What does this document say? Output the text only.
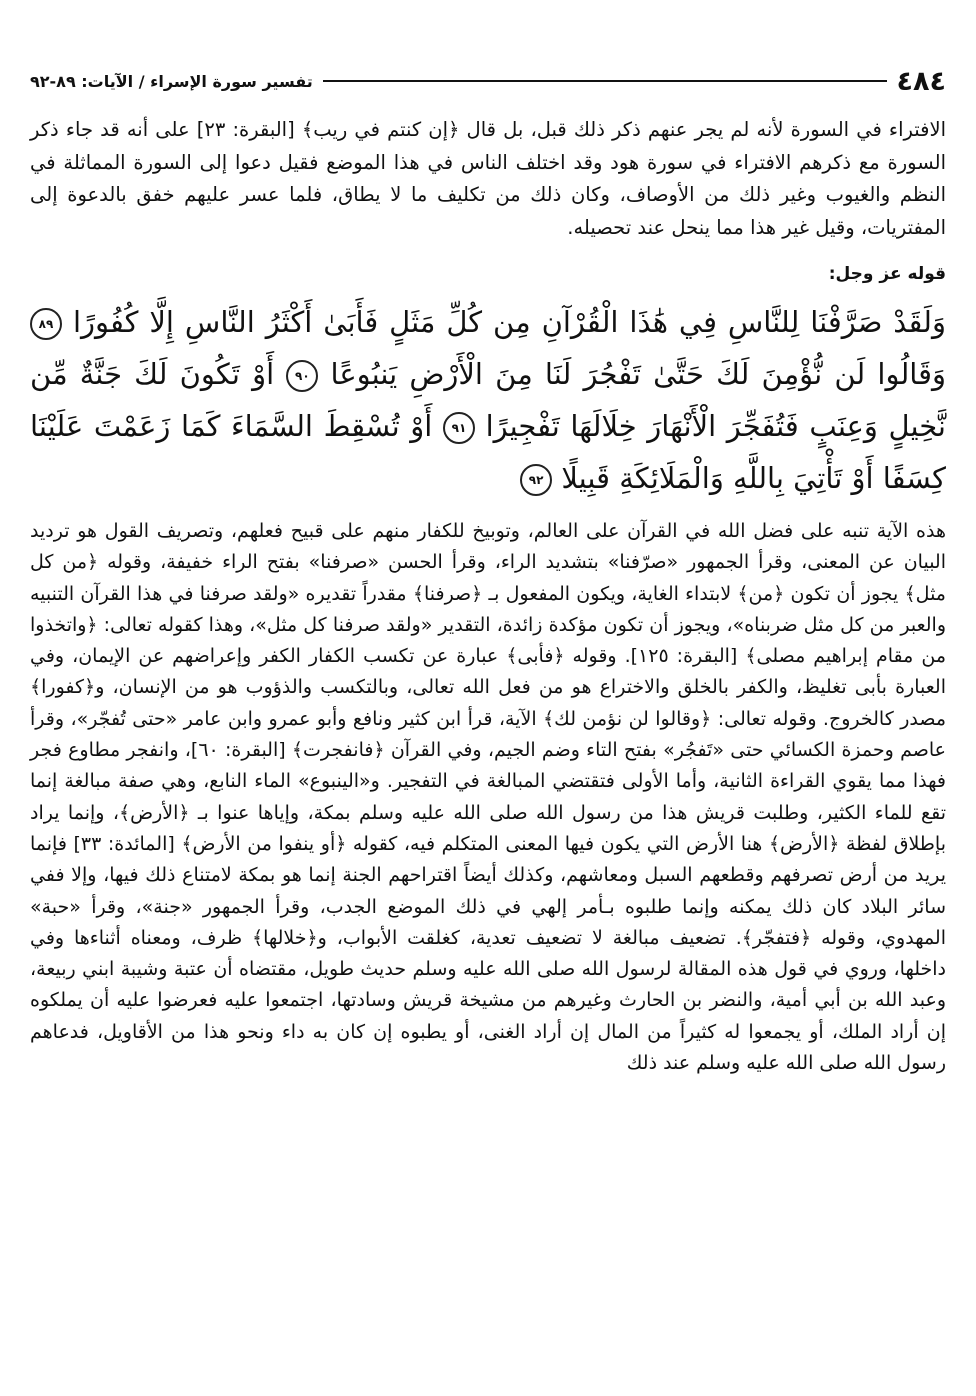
٤٨٤
تفسير سورة الإسراء / الآيات: ٨٩-٩٢

الافتراء في السورة لأنه لم يجر عنهم ذكر ذلك قبل، بل قال ﴿إن كنتم في ريب﴾ [البقرة: ٢٣] على أنه قد جاء ذكر السورة مع ذكرهم الافتراء في سورة هود وقد اختلف الناس في هذا الموضع فقيل دعوا إلى السورة المماثلة في النظم والغيوب وغير ذلك من الأوصاف، وكان ذلك من تكليف ما لا يطاق، فلما عسر عليهم خفق بالدعوة إلى المفتريات، وقيل غير هذا مما ينحل عند تحصيله.

قوله عز وجل:

وَلَقَدْ صَرَّفْنَا لِلنَّاسِ فِي هَٰذَا الْقُرْآنِ مِن كُلِّ مَثَلٍ فَأَبَىٰ أَكْثَرُ النَّاسِ إِلَّا كُفُورًا ٨٩ وَقَالُوا لَن نُّؤْمِنَ لَكَ حَتَّىٰ تَفْجُرَ لَنَا مِنَ الْأَرْضِ يَنبُوعًا ٩٠ أَوْ تَكُونَ لَكَ جَنَّةٌ مِّن نَّخِيلٍ وَعِنَبٍ فَتُفَجِّرَ الْأَنْهَارَ خِلَالَهَا تَفْجِيرًا ٩١ أَوْ تُسْقِطَ السَّمَاءَ كَمَا زَعَمْتَ عَلَيْنَا كِسَفًا أَوْ تَأْتِيَ بِاللَّهِ وَالْمَلَائِكَةِ قَبِيلًا ٩٢

هذه الآية تنبه على فضل الله في القرآن على العالم، وتوبيخ للكفار منهم على قبيح فعلهم، وتصريف القول هو ترديد البيان عن المعنى، وقرأ الجمهور «صرّفنا» بتشديد الراء، وقرأ الحسن «صرفنا» بفتح الراء خفيفة، وقوله ﴿من كل مثل﴾ يجوز أن تكون ﴿من﴾ لابتداء الغاية، ويكون المفعول بـ ﴿صرفنا﴾ مقدراً تقديره «ولقد صرفنا في هذا القرآن التنبيه والعبر من كل مثل ضربناه»، ويجوز أن تكون مؤكدة زائدة، التقدير «ولقد صرفنا كل مثل»، وهذا كقوله تعالى: ﴿واتخذوا من مقام إبراهيم مصلى﴾ [البقرة: ١٢٥]. وقوله ﴿فأبى﴾ عبارة عن تكسب الكفار الكفر وإعراضهم عن الإيمان، وفي العبارة بأبى تغليظ، والكفر بالخلق والاختراع هو من فعل الله تعالى، وبالتكسب والذؤوب هو من الإنسان، و﴿كفورا﴾ مصدر كالخروج. وقوله تعالى: ﴿وقالوا لن نؤمن لك﴾ الآية، قرأ ابن كثير ونافع وأبو عمرو وابن عامر «حتى تُفجّر»، وقرأ عاصم وحمزة الكسائي حتى «تَفجُر» بفتح التاء وضم الجيم، وفي القرآن ﴿فانفجرت﴾ [البقرة: ٦٠]، وانفجر مطاوع فجر فهذا مما يقوي القراءة الثانية، وأما الأولى فتقتضي المبالغة في التفجير. و«الينبوع» الماء النابع، وهي صفة مبالغة إنما تقع للماء الكثير، وطلبت قريش هذا من رسول الله صلى الله عليه وسلم بمكة، وإياها عنوا بـ ﴿الأرض﴾، وإنما يراد بإطلاق لفظة ﴿الأرض﴾ هنا الأرض التي يكون فيها المعنى المتكلم فيه، كقوله ﴿أو ينفوا من الأرض﴾ [المائدة: ٣٣] فإنما يريد من أرض تصرفهم وقطعهم السبل ومعاشهم، وكذلك أيضاً اقتراحهم الجنة إنما هو بمكة لامتناع ذلك فيها، وإلا ففي سائر البلاد كان ذلك يمكنه وإنما طلبوه بـأمر إلهي في ذلك الموضع الجدب، وقرأ الجمهور «جنة»، وقرأ «حبة» المهدوي، وقوله ﴿فتفجّر﴾. تضعيف مبالغة لا تضعيف تعدية، كغلقت الأبواب، و﴿خلالها﴾ ظرف، ومعناه أثناءها وفي داخلها، وروي في قول هذه المقالة لرسول الله صلى الله عليه وسلم حديث طويل، مقتضاه أن عتبة وشيبة ابني ربيعة، وعبد الله بن أبي أمية، والنضر بن الحارث وغيرهم من مشيخة قريش وسادتها، اجتمعوا عليه فعرضوا عليه أن يملكوه إن أراد الملك، أو يجمعوا له كثيراً من المال إن أراد الغنى، أو يطبوه إن كان به داء ونحو هذا من الأقاويل، فدعاهم رسول الله صلى الله عليه وسلم عند ذلك
